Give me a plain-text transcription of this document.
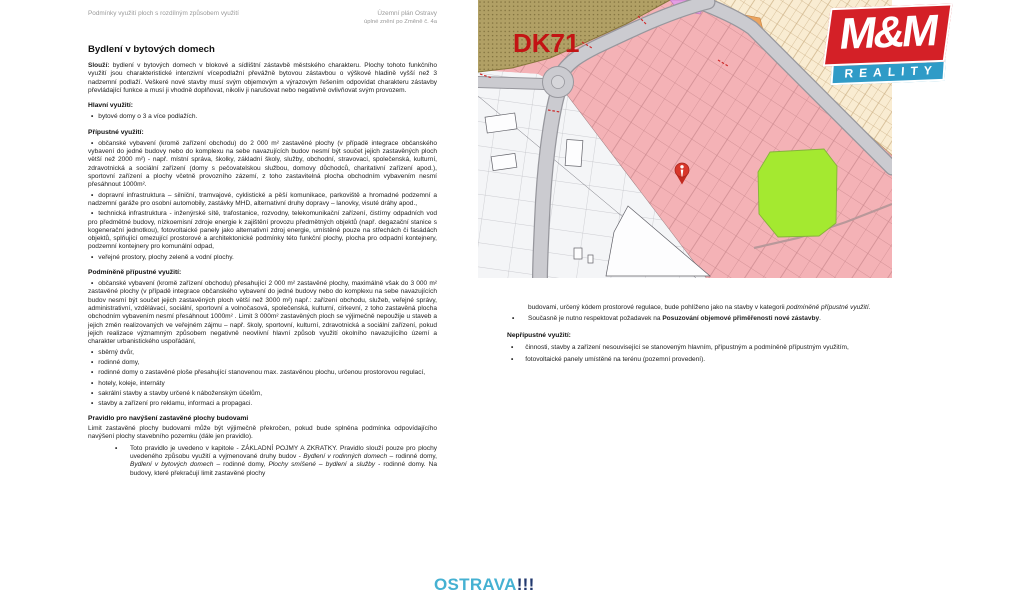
Podmínky využití ploch s rozdílným způsobem využití	Územní plán Ostravy
úplné znění po Změně č. 4a
Bydlení v bytových domech

Slouží: bydlení v bytových domech v blokové a sídlištní zástavbě městského charakteru. Plochy tohoto funkčního využití jsou charakteristické intenzivní vícepodlažní převážně bytovou zástavbou o výškové hladině vyšší než 3 nadzemní podlaží. Veškeré nové stavby musí svým objemovým a výrazovým řešením odpovídat charakteru zástavby převládající funkce a musí ji vhodně doplňovat, nikoliv ji narušovat nebo negativně ovlivňovat svým provozem.

Hlavní využití:

• bytové domy o 3 a více podlažích.

Přípustné využití:

• občanské vybavení (kromě zařízení obchodu) do 2 000 m² zastavěné plochy (v případě integrace občanského vybavení do jedné budovy nebo do komplexu na sebe navazujících budov nesmí být součet jejich zastavěných ploch větší než 2000 m²) - např. místní správa, školky, základní školy, služby, obchodní, stravovací, společenská, kulturní, zdravotnická a sociální zařízení (domy s pečovatelskou službou, domovy důchodců, charitativní zařízení apod.), sportovní zařízení a plochy včetně provozního zázemí, z toho zastavitelná plocha obchodním vybavením nesmí přesáhnout 1000m².

• dopravní infrastruktura – silniční, tramvajové, cyklistické a pěší komunikace, parkoviště a hromadné podzemní a nadzemní garáže pro osobní automobily, zastávky MHD, alternativní druhy dopravy – lanovky, visuté dráhy apod.,

• technická infrastruktura - inženýrské sítě, trafostanice, rozvodny, telekomunikační zařízení, čistírny odpadních vod pro předmětné budovy, nízkoemisní zdroje energie k zajištění provozu předmětných objektů (např. degazační stanice s kogenerační jednotkou), fotovoltaické panely jako alternativní zdroj energie, umístěné pouze na střechách či fasádách objektů, splňující omezující prostorové a architektonické podmínky této funkční plochy, plocha pro odpadní kontejnery, podzemní kontejnery pro komunální odpad,

• veřejné prostory, plochy zeleně a vodní plochy.

Podmíněně přípustné využití:

• občanské vybavení (kromě zařízení obchodu) přesahující 2 000 m² zastavěné plochy, maximálně však do 3 000 m² zastavěné plochy (v případě integrace občanského vybavení do jedné budovy nebo do komplexu na sebe navazujících budov nesmí být součet jejich zastavěných ploch větší než 3000 m²) např.: zařízení obchodu, služeb, veřejné správy, administrativní, vzdělávací, sociální, sportovní a volnočasová, společenská, kulturní, církevní, z toho zastavěná plocha obchodním vybavením nesmí přesáhnout 1000m² . Limit 3 000m² zastavěných ploch se výjimečně nepoužije u staveb a jejich změn realizovaných ve veřejném zájmu – např. školy, sportovní, kulturní, zdravotnická a sociální zařízení, pokud jejich realizace významným způsobem negativně neovlivní hlavní způsob využití okolního navazujícího území a charakter urbanistického uspořádání,

• sběrný dvůr,

• rodinné domy,

• rodinné domy o zastavěné ploše přesahující stanovenou max. zastavěnou plochu, určenou prostorovou regulací,

• hotely, koleje, internáty

• sakrální stavby a stavby určené k náboženským účelům,

• stavby a zařízení pro reklamu, informaci a propagaci.

Pravidlo pro navýšení zastavěné plochy budovami

Limit zastavěné plochy budovami může být výjimečně překročen, pokud bude splněna podmínka odpovídajícího navýšení plochy stavebního pozemku (dále jen pravidlo).

• Toto pravidlo je uvedeno v kapitole - ZÁKLADNÍ POJMY A ZKRATKY. Pravidlo slouží pouze pro plochy uvedeného způsobu využití a vyjmenované druhy budov - Bydlení v rodinných domech – rodinné domy, Bydlení v bytových domech – rodinné domy, Plochy smíšené – bydlení a služby - rodinné domy. Na budovy, které překračují limit zastavěné plochy
budovami, určený kódem prostorové regulace, bude pohlíženo jako na stavby v kategorii podmíněně přípustné využití.
• Současně je nutno respektovat požadavek na Posuzování objemové přiměřenosti nové zástavby.
Nepřípustné využití:

• činnosti, stavby a zařízení nesouvisející se stanoveným hlavním, přípustným a podmíněně přípustným využitím,

• fotovoltaické panely umístěné na terénu (pozemní provedení).

DK71	M&M
REALITY
OSTRAVA!!!
